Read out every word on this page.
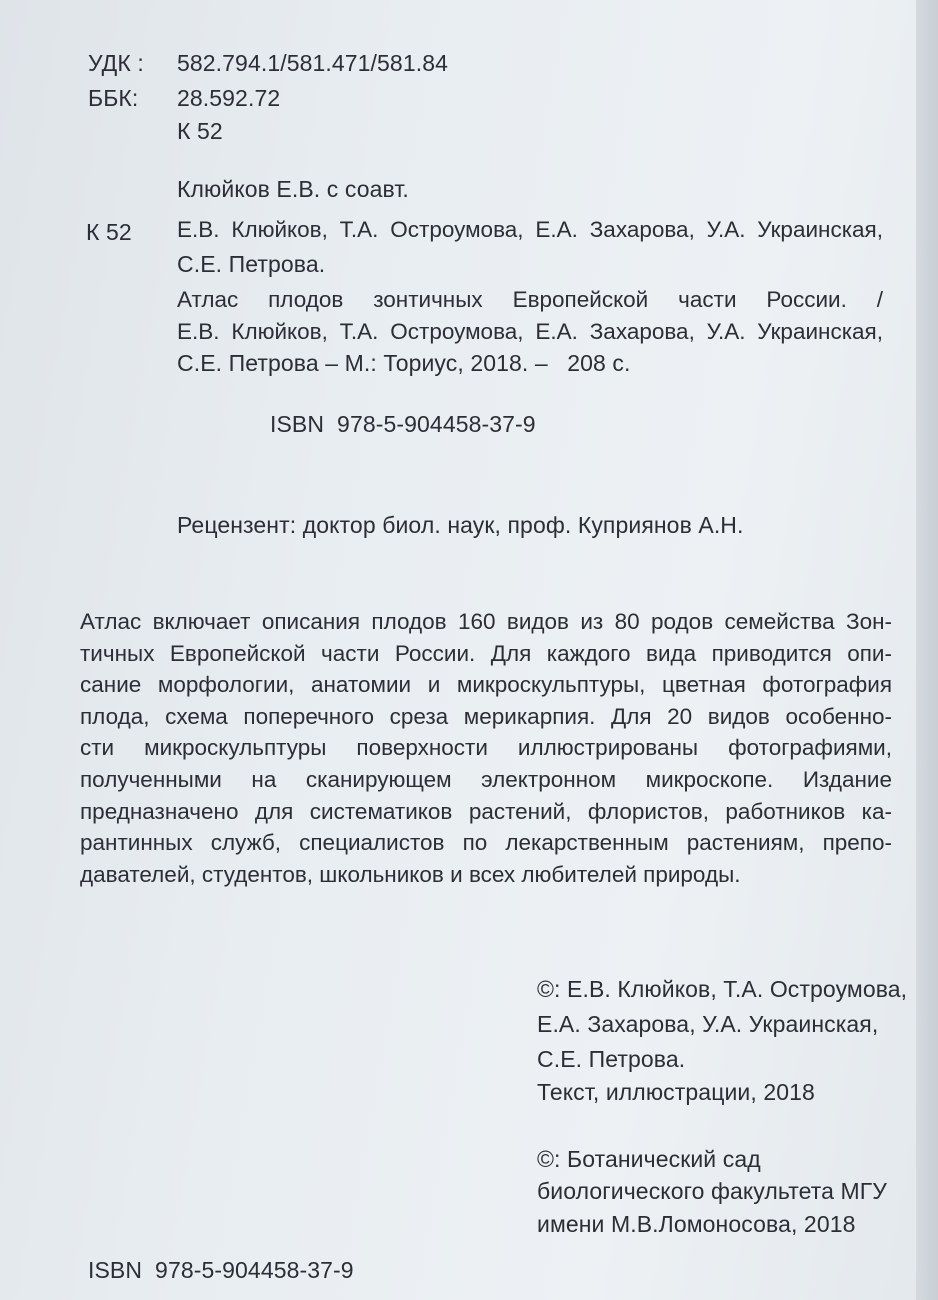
УДК : 582.794.1/581.471/581.84
ББК: 28.592.72
К 52
Клюйков Е.В. с соавт.
К 52 Е.В. Клюйков, Т.А. Остроумова, Е.А. Захарова, У.А. Украинская,
С.Е. Петрова.
Атлас плодов зонтичных Европейской части России. /
Е.В. Клюйков, Т.А. Остроумова, Е.А. Захарова, У.А. Украинская,
С.Е. Петрова – М.: Ториус, 2018. –   208 с.
ISBN  978-5-904458-37-9
Рецензент: доктор биол. наук, проф. Куприянов А.Н.
Атлас включает описания плодов 160 видов из 80 родов семейства Зон-
тичных Европейской части России. Для каждого вида приводится опи-
сание морфологии, анатомии и микроскульптуры, цветная фотография
плода, схема поперечного среза мерикарпия. Для 20 видов особенно-
сти микроскульптуры поверхности иллюстрированы фотографиями,
полученными на сканирующем электронном микроскопе. Издание
предназначено для систематиков растений, флористов, работников ка-
рантинных служб, специалистов по лекарственным растениям, препо-
давателей, студентов, школьников и всех любителей природы.
©: Е.В. Клюйков, Т.А. Остроумова,
Е.А. Захарова, У.А. Украинская,
С.Е. Петрова.
Текст, иллюстрации, 2018
©: Ботанический сад
биологического факультета МГУ
имени М.В.Ломоносова, 2018
ISBN  978-5-904458-37-9
